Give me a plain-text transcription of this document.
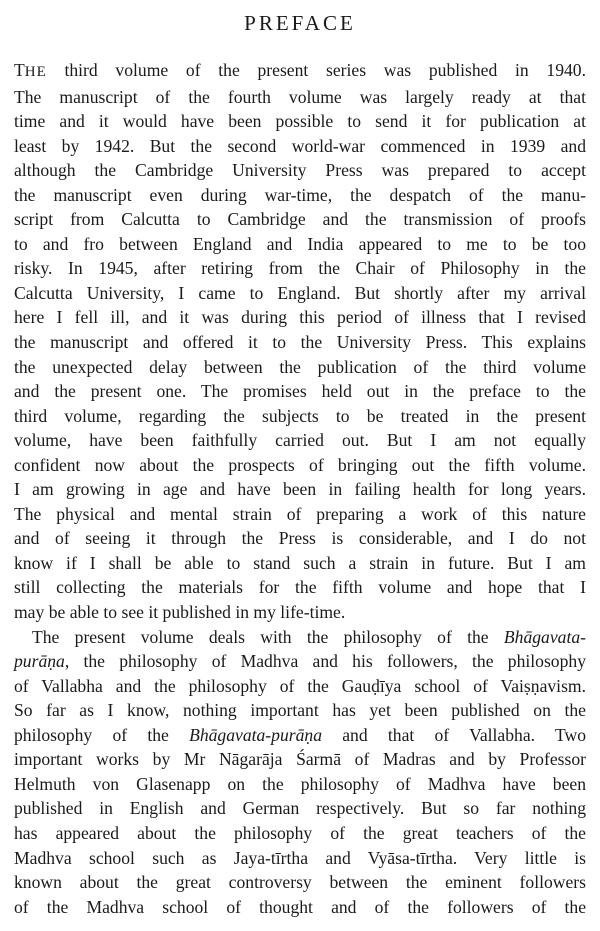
PREFACE

THE third volume of the present series was published in 1940.
The manuscript of the fourth volume was largely ready at that
time and it would have been possible to send it for publication at
least by 1942. But the second world-war commenced in 1939 and
although the Cambridge University Press was prepared to accept
the manuscript even during war-time, the despatch of the manu-
script from Calcutta to Cambridge and the transmission of proofs
to and fro between England and India appeared to me to be too
risky. In 1945, after retiring from the Chair of Philosophy in the
Calcutta University, I came to England. But shortly after my arrival
here I fell ill, and it was during this period of illness that I revised
the manuscript and offered it to the University Press. This explains
the unexpected delay between the publication of the third volume
and the present one. The promises held out in the preface to the
third volume, regarding the subjects to be treated in the present
volume, have been faithfully carried out. But I am not equally
confident now about the prospects of bringing out the fifth volume.
I am growing in age and have been in failing health for long years.
The physical and mental strain of preparing a work of this nature
and of seeing it through the Press is considerable, and I do not
know if I shall be able to stand such a strain in future. But I am
still collecting the materials for the fifth volume and hope that I
may be able to see it published in my life-time.

The present volume deals with the philosophy of the Bhāgavata-
purāṇa, the philosophy of Madhva and his followers, the philosophy
of Vallabha and the philosophy of the Gauḍīya school of Vaiṣṇavism.
So far as I know, nothing important has yet been published on the
philosophy of the Bhāgavata-purāṇa and that of Vallabha. Two
important works by Mr Nāgarāja Śarmā of Madras and by Professor
Helmuth von Glasenapp on the philosophy of Madhva have been
published in English and German respectively. But so far nothing
has appeared about the philosophy of the great teachers of the
Madhva school such as Jaya-tīrtha and Vyāsa-tīrtha. Very little is
known about the great controversy between the eminent followers
of the Madhva school of thought and of the followers of the
